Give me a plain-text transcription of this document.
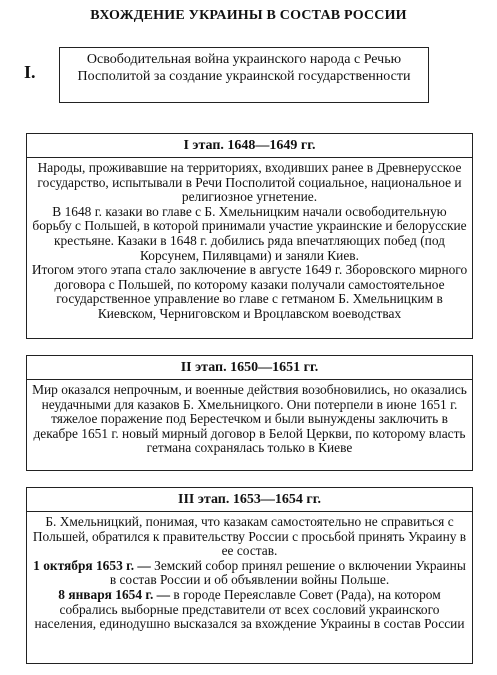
ВХОЖДЕНИЕ УКРАИНЫ В СОСТАВ РОССИИ
I.
Освободительная война украинского народа с Речью Посполитой за создание украинской государственности
I этап. 1648—1649 гг.

Народы, проживавшие на территориях, входивших ранее в Древнерусское государство, испытывали в Речи Посполитой социальное, национальное и религиозное угнетение.

В 1648 г. казаки во главе с Б. Хмельницким начали освободительную борьбу с Польшей, в которой принимали участие украинские и белорусские крестьяне. Казаки в 1648 г. добились ряда впечатляющих побед (под Корсунем, Пилявцами) и заняли Киев.

Итогом этого этапа стало заключение в августе 1649 г. Зборовского мирного договора с Польшей, по которому казаки получали самостоятельное государственное управление во главе с гетманом Б. Хмельницким в Киевском, Черниговском и Вроцлавском воеводствах

II этап. 1650—1651 гг.

Мир оказался непрочным, и военные действия возобновились, но оказались неудачными для казаков Б. Хмельницкого. Они потерпели в июне 1651 г. тяжелое поражение под Берестечком и были вынуждены заключить в декабре 1651 г. новый мирный договор в Белой Церкви, по которому власть гетмана сохранялась только в Киеве

III этап. 1653—1654 гг.

Б. Хмельницкий, понимая, что казакам самостоятельно не справиться с Польшей, обратился к правительству России с просьбой принять Украину в ее состав.

1 октября 1653 г. — Земский собор принял решение о включении Украины в состав России и об объявлении войны Польше.

8 января 1654 г. — в городе Переяславле Совет (Рада), на котором собрались выборные представители от всех сословий украинского населения, единодушно высказался за вхождение Украины в состав России
